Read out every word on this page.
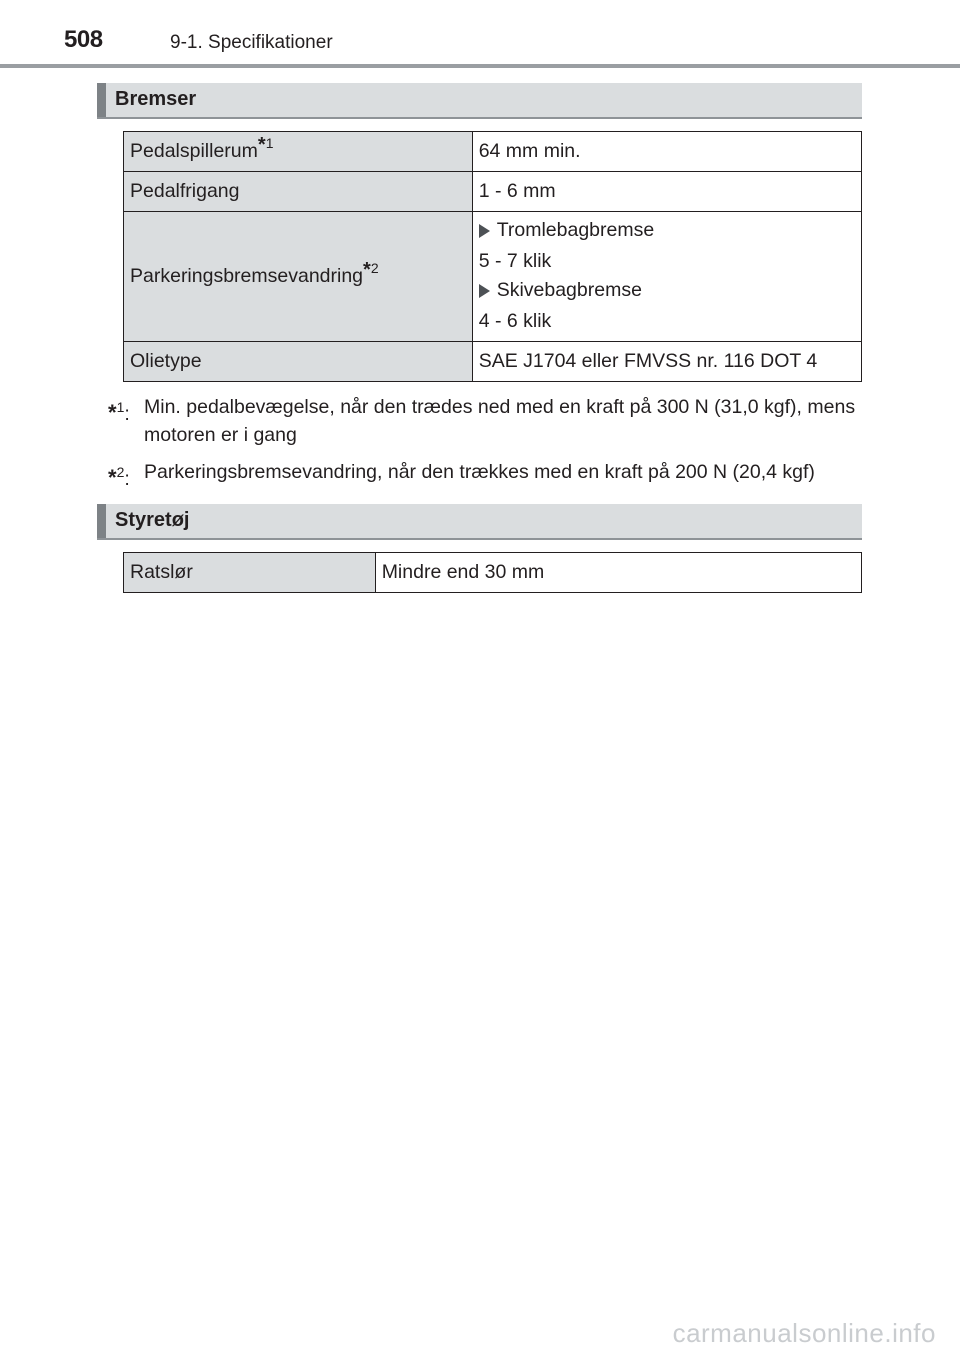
508	9-1. Specifikationer
Bremser
Pedalspillerum$^{*1}$	64 mm min.
Pedalfrigang	1 - 6 mm
Parkeringsbremsevandring$^{*2}$	Tromlebagbremse
5 - 7 klik
Skivebagbremse
4 - 6 klik

Olietype	SAE J1704 eller FMVSS nr. 116 DOT 4
*$^1$: Min. pedalbevægelse, når den trædes ned med en kraft på 300 N (31,0 kgf), mens motoren er i gang
*$^2$: Parkeringsbremsevandring, når den trækkes med en kraft på 200 N (20,4 kgf)
Styretøj
Ratslør	Mindre end 30 mm
carmanualsonline.info
